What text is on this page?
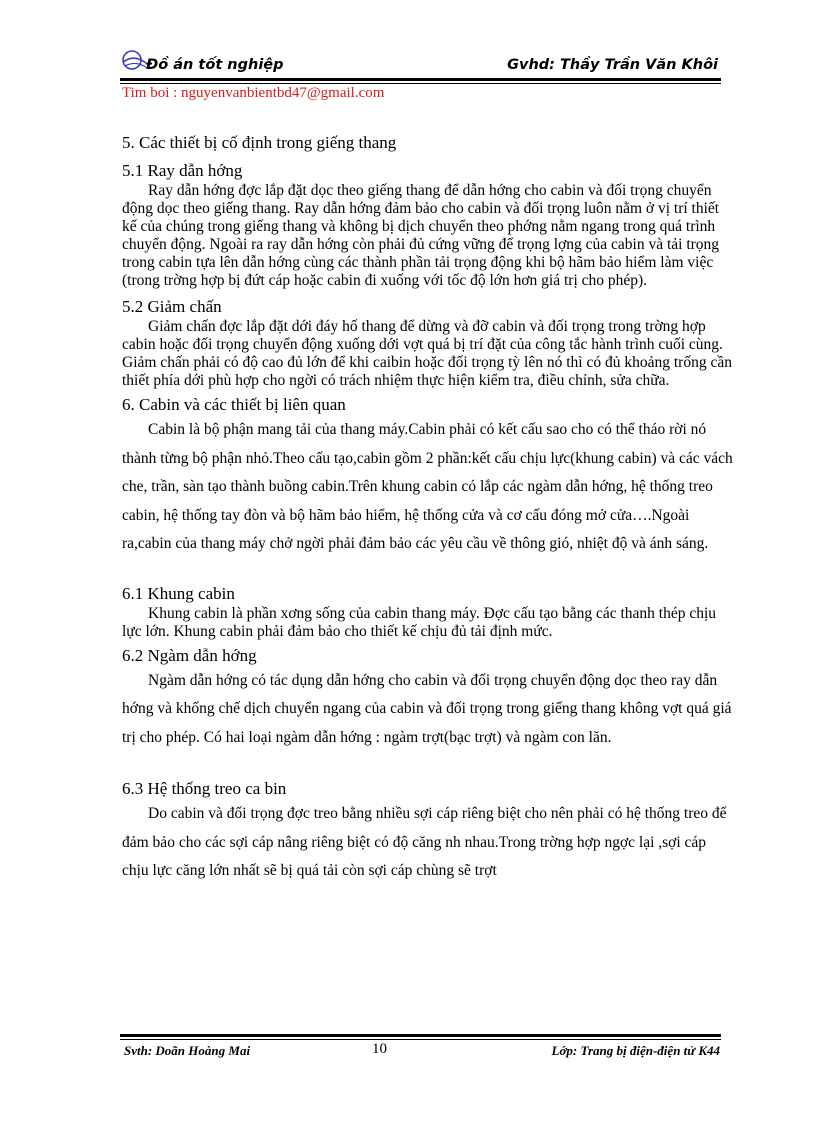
Đồ án tốt nghiệp	Gvhd: Thầy Trần Văn Khôi
Tim boi : nguyenvanbientbd47@gmail.com
5. Các thiết bị cố định trong giếng thang
5.1 Ray dẫn hớng

Ray dẫn hớng đợc lắp đặt dọc theo giếng thang để dẫn hớng cho cabin và đối trọng chuyển động dọc theo giếng thang. Ray dẫn hớng đảm bảo cho cabin và đối trọng luôn nằm ở vị trí thiết kế của chúng trong giếng thang và không bị dịch chuyển theo phớng nằm ngang trong quá trình chuyển động. Ngoài ra ray dẫn hớng còn phải đủ cứng vững để trọng lợng của cabin và tải trọng trong cabin tựa lên dẫn hớng cùng các thành phần tải trọng động khi bộ hãm bảo hiểm làm việc (trong trờng hợp bị đứt cáp hoặc cabin đi xuống với tốc độ lớn hơn giá trị cho phép).

5.2 Giảm chấn

Giảm chấn đợc lắp đặt dới đáy hố thang để dừng và đỡ cabin và đối trọng trong trờng hợp cabin hoặc đối trọng chuyển động xuống dới vợt quá bị trí đặt của công tắc hành trình cuối cùng. Giảm chấn phải có độ cao đủ lớn để khi caibin hoặc đối trọng tỳ lên nó thì có đủ khoảng trống cần thiết phía dới phù hợp cho ngời có trách nhiệm thực hiện kiểm tra, điều chỉnh, sửa chữa.

6. Cabin và các thiết bị liên quan

Cabin là bộ phận mang tải của thang máy.Cabin phải có kết cấu sao cho có thể tháo rời nó thành từng bộ phận nhỏ.Theo cấu tạo,cabin gồm 2 phần:kết cấu chịu lực(khung cabin) và các vách che, trần, sàn tạo thành buồng cabin.Trên khung cabin có lắp các ngàm dẫn hớng, hệ thống treo cabin, hệ thống tay đòn và bộ hãm bảo hiểm, hệ thống cửa và cơ cấu đóng mở cửa….Ngoài ra,cabin của thang máy chở ngời phải đảm bảo các yêu cầu về thông gió, nhiệt độ và ánh sáng.

6.1 Khung cabin

Khung cabin là phần xơng sống của cabin thang máy. Đợc cấu tạo bằng các thanh thép chịu lực lớn. Khung cabin phải đảm bảo cho thiết kế chịu đủ tải định mức.

6.2 Ngàm dẫn hớng

Ngàm dẫn hớng có tác dụng dẫn hớng cho cabin và đối trọng chuyển động dọc theo ray dẫn hớng và khống chế dịch chuyển ngang của cabin và đối trọng trong giếng thang không vợt quá giá trị cho phép. Có hai loại ngàm dẫn hớng : ngàm trợt(bạc trợt) và ngàm con lăn.

6.3 Hệ thống treo ca bin

Do cabin và đối trọng đợc treo bằng nhiều sợi cáp riêng biệt cho nên phải có hệ thống treo để đảm bảo cho các sợi cáp nâng riêng biệt có độ căng nh nhau.Trong trờng hợp ngợc lại ,sợi cáp chịu lực căng lớn nhất sẽ bị quá tải còn sợi cáp chùng sẽ trợt

Svth: Doãn Hoàng Mai	10	Lớp: Trang bị điện-điện tử K44
